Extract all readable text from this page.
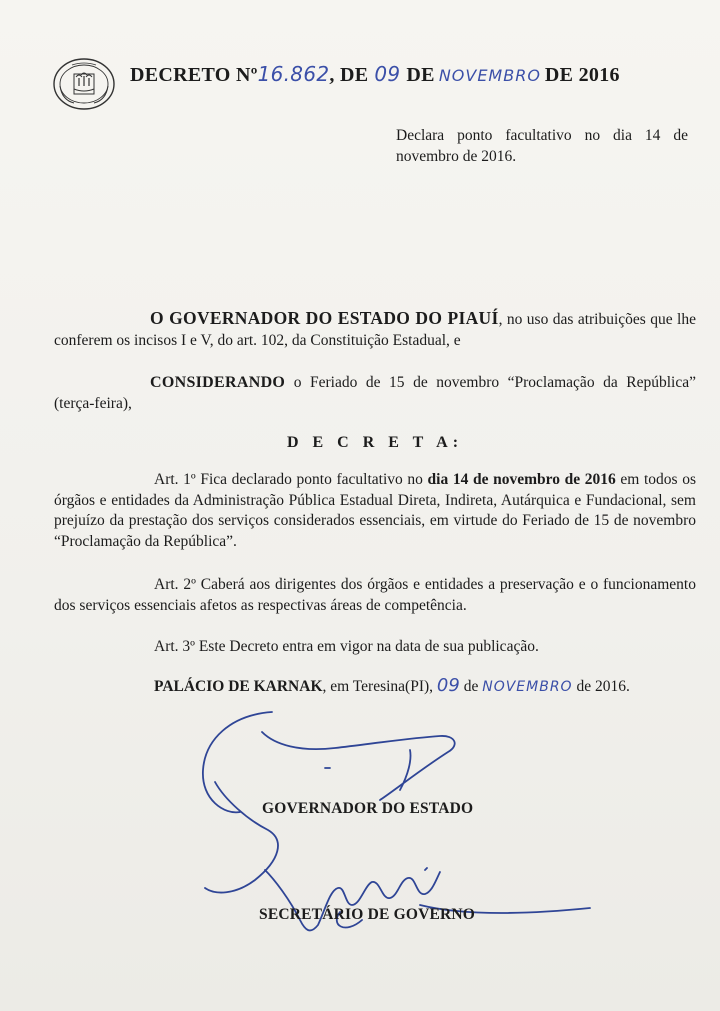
DECRETO Nº16.862, DE 09 DE NOVEMBRO DE 2016
Declara ponto facultativo no dia 14 de novembro de 2016.
O GOVERNADOR DO ESTADO DO PIAUÍ, no uso das atribuições que lhe conferem os incisos I e V, do art. 102, da Constituição Estadual, e
CONSIDERANDO o Feriado de 15 de novembro “Proclamação da República” (terça-feira),
D E C R E T A:
Art. 1º Fica declarado ponto facultativo no dia 14 de novembro de 2016 em todos os órgãos e entidades da Administração Pública Estadual Direta, Indireta, Autárquica e Fundacional, sem prejuízo da prestação dos serviços considerados essenciais, em virtude do Feriado de 15 de novembro “Proclamação da República”.
Art. 2º Caberá aos dirigentes dos órgãos e entidades a preservação e o funcionamento dos serviços essenciais afetos as respectivas áreas de competência.
Art. 3º Este Decreto entra em vigor na data de sua publicação.
PALÁCIO DE KARNAK, em Teresina(PI), 09 de NOVEMBRO de 2016.
GOVERNADOR DO ESTADO
SECRETÁRIO DE GOVERNO
